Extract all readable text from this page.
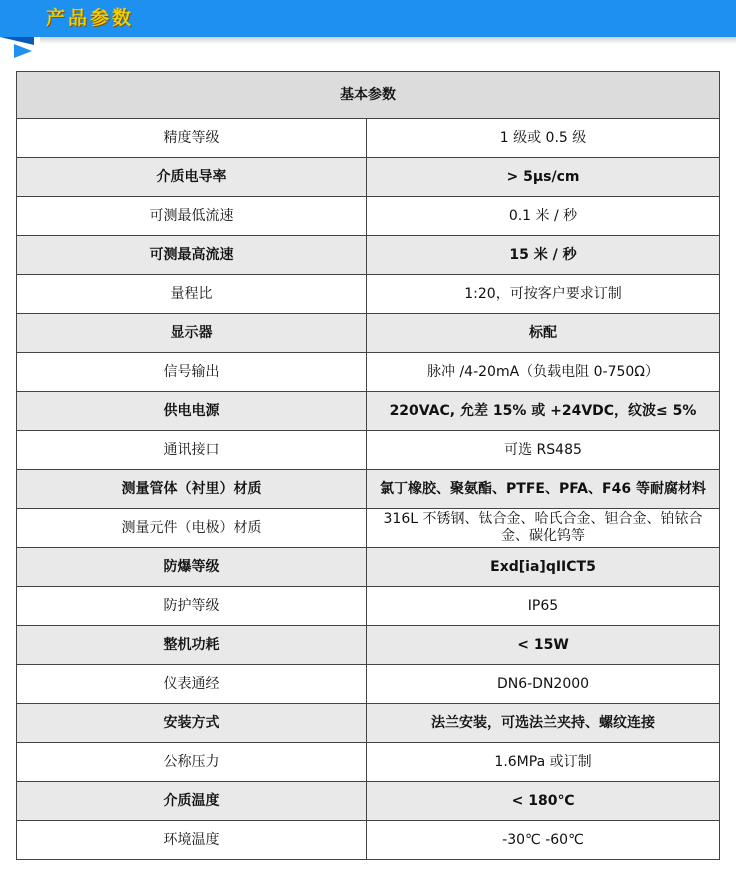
产品参数
基本参数	
精度等级	1 级或 0.5 级
介质电导率	> 5μs/cm
可测最低流速	0.1 米 / 秒
可测最高流速	15 米 / 秒
量程比	1:20，可按客户要求订制
显示器	标配
信号输出	脉冲 /4-20mA（负载电阻 0-750Ω）
供电电源	220VAC, 允差 15% 或 +24VDC，纹波≤ 5%
通讯接口	可选 RS485
测量管体（衬里）材质	氯丁橡胶、聚氨酯、PTFE、PFA、F46 等耐腐材料
测量元件（电极）材质	316L 不锈钢、钛合金、哈氏合金、钽合金、铂铱合金、碳化钨等
防爆等级	Exd[ia]qIICT5
防护等级	IP65
整机功耗	< 15W
仪表通经	DN6-DN2000
安装方式	法兰安装，可选法兰夹持、螺纹连接
公称压力	1.6MPa 或订制
介质温度	< 180℃
环境温度	-30℃ -60℃
